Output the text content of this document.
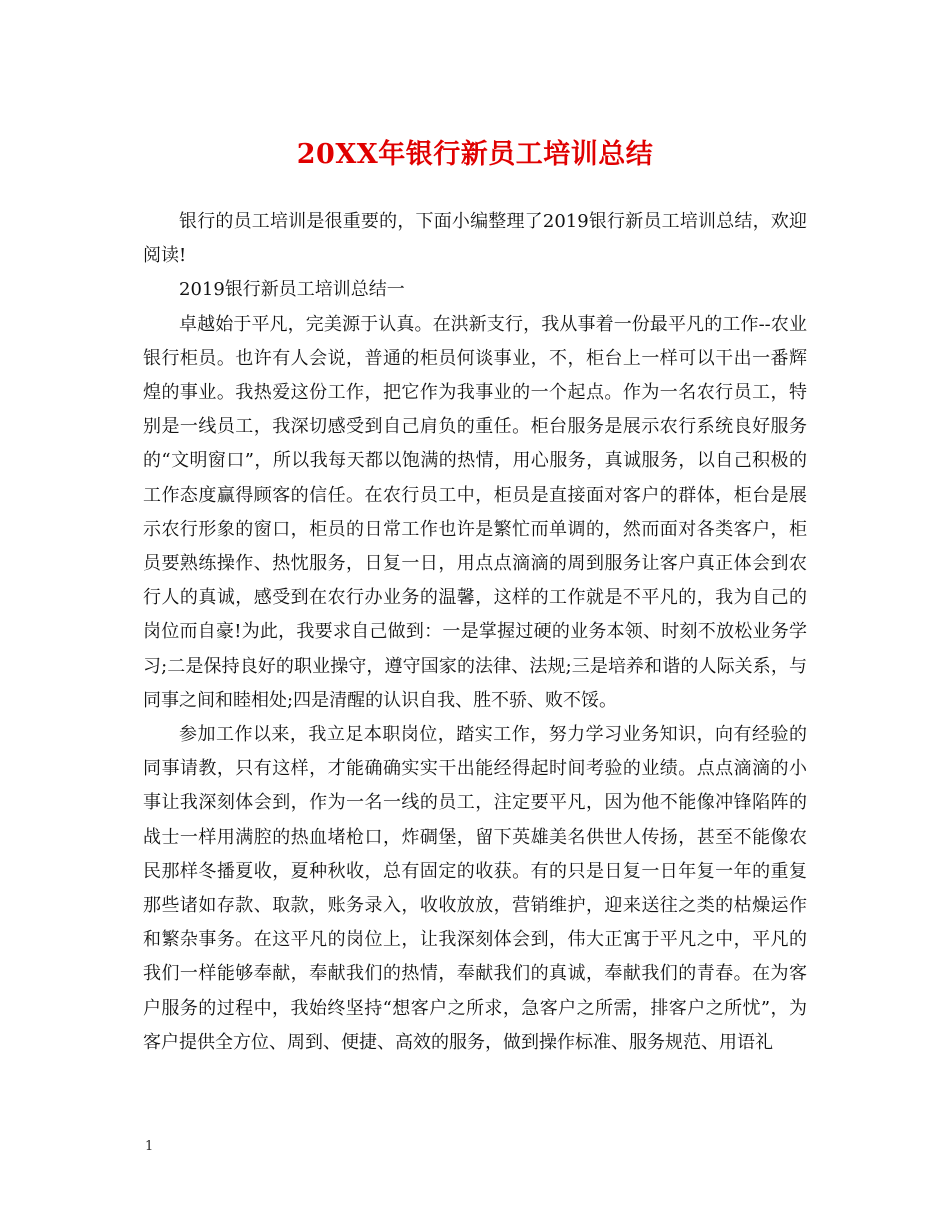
20XX年银行新员工培训总结

银行的员工培训是很重要的，下面小编整理了2019银行新员工培训总结，欢迎阅读!

2019银行新员工培训总结一

卓越始于平凡，完美源于认真。在洪新支行，我从事着一份最平凡的工作--农业银行柜员。也许有人会说，普通的柜员何谈事业，不，柜台上一样可以干出一番辉煌的事业。我热爱这份工作，把它作为我事业的一个起点。作为一名农行员工，特别是一线员工，我深切感受到自己肩负的重任。柜台服务是展示农行系统良好服务的“文明窗口”，所以我每天都以饱满的热情，用心服务，真诚服务，以自己积极的工作态度赢得顾客的信任。在农行员工中，柜员是直接面对客户的群体，柜台是展示农行形象的窗口，柜员的日常工作也许是繁忙而单调的，然而面对各类客户，柜员要熟练操作、热忱服务，日复一日，用点点滴滴的周到服务让客户真正体会到农行人的真诚，感受到在农行办业务的温馨，这样的工作就是不平凡的，我为自己的岗位而自豪!为此，我要求自己做到：一是掌握过硬的业务本领、时刻不放松业务学习;二是保持良好的职业操守，遵守国家的法律、法规;三是培养和谐的人际关系，与同事之间和睦相处;四是清醒的认识自我、胜不骄、败不馁。

参加工作以来，我立足本职岗位，踏实工作，努力学习业务知识，向有经验的同事请教，只有这样，才能确确实实干出能经得起时间考验的业绩。点点滴滴的小事让我深刻体会到，作为一名一线的员工，注定要平凡，因为他不能像冲锋陷阵的战士一样用满腔的热血堵枪口，炸碉堡，留下英雄美名供世人传扬，甚至不能像农民那样冬播夏收，夏种秋收，总有固定的收获。有的只是日复一日年复一年的重复那些诸如存款、取款，账务录入，收收放放，营销维护，迎来送往之类的枯燥运作和繁杂事务。在这平凡的岗位上，让我深刻体会到，伟大正寓于平凡之中，平凡的我们一样能够奉献，奉献我们的热情，奉献我们的真诚，奉献我们的青春。在为客户服务的过程中，我始终坚持“想客户之所求，急客户之所需，排客户之所忧”，为客户提供全方位、周到、便捷、高效的服务，做到操作标准、服务规范、用语礼

1
